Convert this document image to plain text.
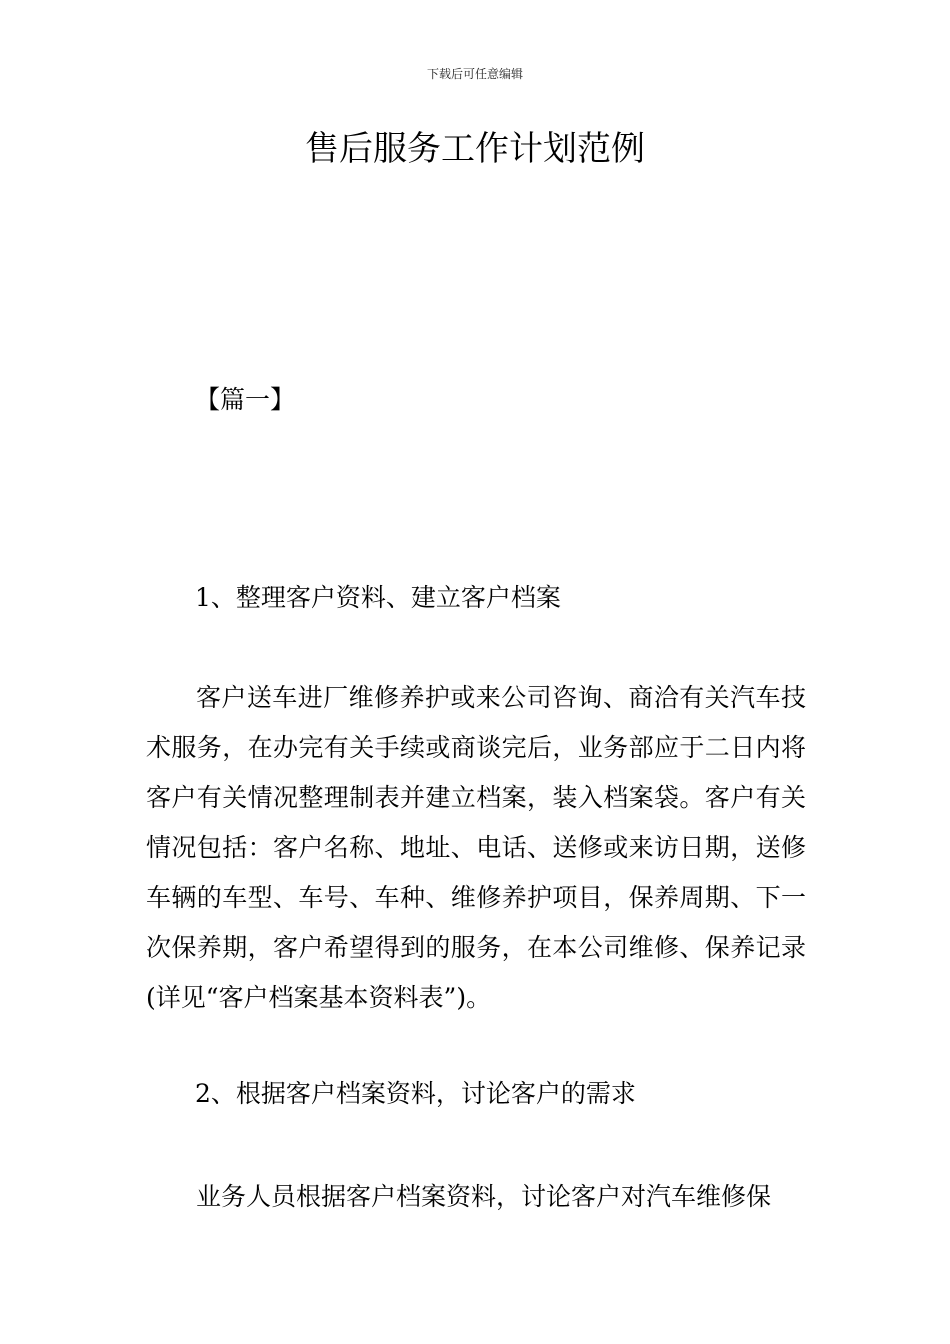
下载后可任意编辑
售后服务工作计划范例
【篇一】
1、整理客户资料、建立客户档案

客户送车进厂维修养护或来公司咨询、商洽有关汽车技术服务，在办完有关手续或商谈完后，业务部应于二日内将客户有关情况整理制表并建立档案，装入档案袋。客户有关情况包括：客户名称、地址、电话、送修或来访日期，送修车辆的车型、车号、车种、维修养护项目，保养周期、下一次保养期，客户希望得到的服务，在本公司维修、保养记录(详见“客户档案基本资料表”)。

2、根据客户档案资料，讨论客户的需求

业务人员根据客户档案资料，讨论客户对汽车维修保
